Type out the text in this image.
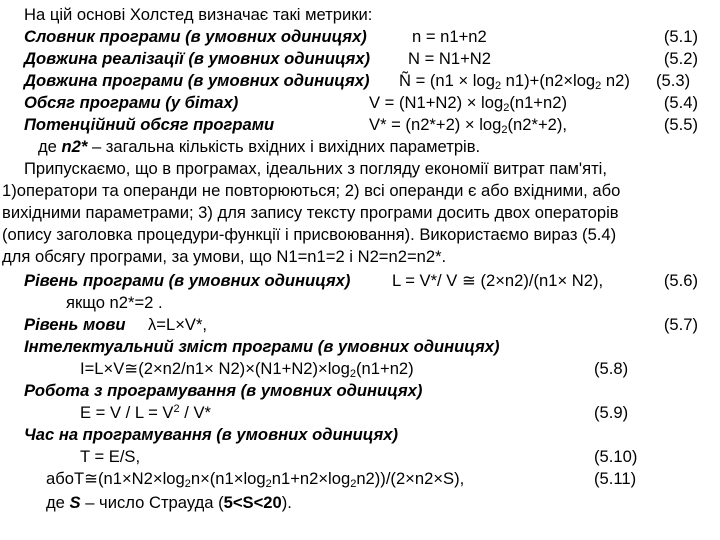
На цій основі Холстед визначає такі метрики:
Словник програми (в умовних одиницях)	n = n1+n2	(5.1)
Довжина реалізації (в умовних одиницях) N = N1+N2	(5.2)
Довжина програми (в умовних одиницях) Ñ = $(n1 \times \log_2 n1)+(n2\times\log_2$ n2) (5.3)
Обсяг програми (у бітах)	$V = (N1+N2) \times \log_2(n1+n2)$	(5.4)
Потенційний обсяг програми	$V* = (n2*+2) \times \log_2(n2*+2)$,	(5.5)
де n2* – загальна кількість вхідних і вихідних параметрів.
Припускаємо, що в програмах, ідеальних з погляду економії витрат пам'яті,
1)оператори та операнди не повторюються; 2) всі операнди є або вхідними, або
вихідними параметрами; 3) для запису тексту програми досить двох операторів
(опису заголовка процедури-функції і присвоювання). Використаємо вираз (5.4)
для обсягу програми, за умови, що N1=n1=2 і N2=n2=n2*.
Рівень програми (в умовних одиницях)	L = V*/ V ≅ (2×n2)/(n1× N2),	(5.6)
якщо n2*=2 .
Рівень мови λ=L×V*,	(5.7)
Інтелектуальний зміст програми (в умовних одиницях)
I=L×V≅(2×n2/n1× $N2)\times(N1+N2)\times\log_2(n1+n2)$	(5.8)
Робота з програмування (в умовних одиницях)
$E = V / L = V^2 / V*$	(5.9)
Час на програмування (в умовних одиницях)
T = E/S,	(5.10)
$абоT≅(n1\times N2\times\log_2n\times(n1\times\log_2n1+n2\times\log_2n2))/(2\times n2\times S)$,	(5.11)
де S – число Страуда (5<S<20).
